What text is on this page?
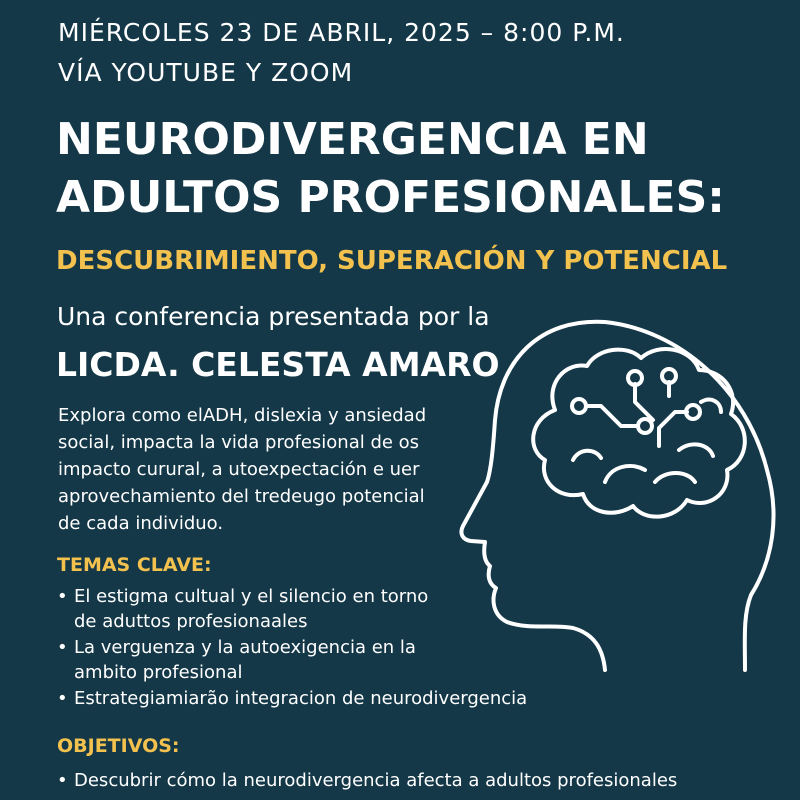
MIÉRCOLES 23 DE ABRIL, 2025 – 8:00 P.M.
VÍA YOUTUBE Y ZOOM
NEURODIVERGENCIA EN
ADULTOS PROFESIONALES:
DESCUBRIMIENTO, SUPERACIÓN Y POTENCIAL
Una conferencia presentada por la
LICDA. CELESTA AMARO
Explora como elADH, dislexia y ansiedad
social, impacta la vida profesional de os
impacto curural, a utoexpectación e uer
aprovechamiento del tredeugo potencial
de cada individuo.
TEMAS CLAVE:
• El estigma cultual y el silencio en torno
de aduttos profesionaales
• La verguenza y la autoexigencia en la
ambito profesional
• Estrategiamiarão integracion de neurodivergencia
OBJETIVOS:
• Descubrir cómo la neurodivergencia afecta a adultos profesionales
